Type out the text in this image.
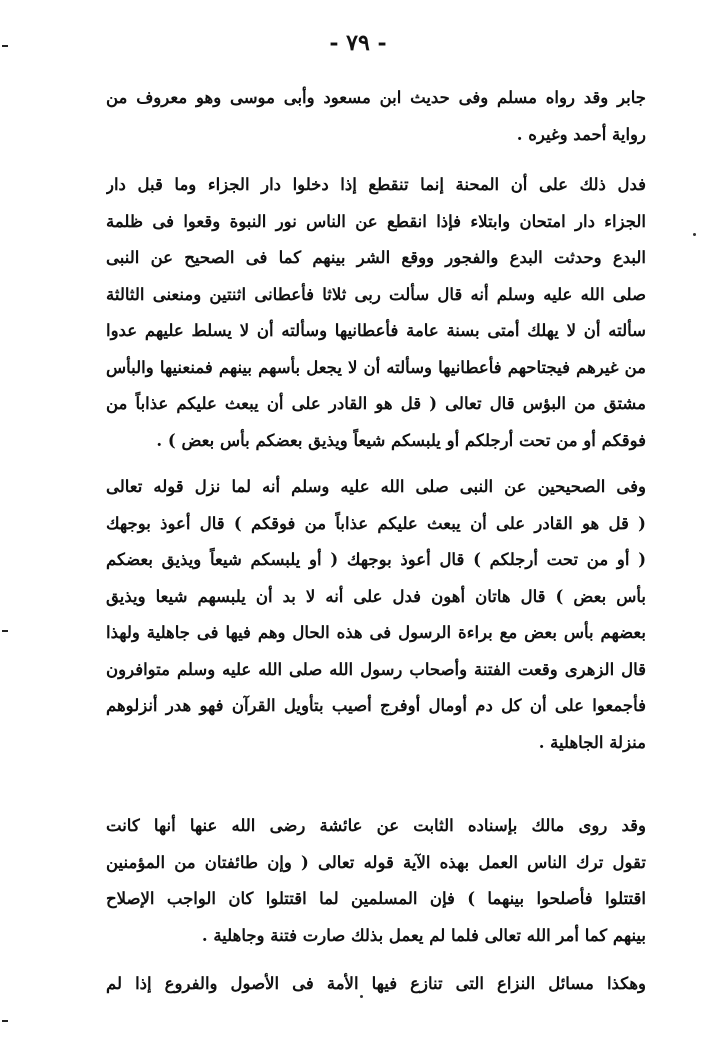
- ٧٩ -
جابر وقد رواه مسلم وفى حديث ابن مسعود وأبى موسى وهو معروف من
رواية أحمد وغيره .
فدل ذلك على أن المحنة إنما تنقطع إذا دخلوا دار الجزاء وما قبل دار
الجزاء دار امتحان وابتلاء فإذا انقطع عن الناس نور النبوة وقعوا فى ظلمة
البدع وحدثت البدع والفجور ووقع الشر بينهم كما فى الصحيح عن النبى
صلى الله عليه وسلم أنه قال سألت ربى ثلاثا فأعطانى اثنتين ومنعنى الثالثة
سألته أن لا يهلك أمتى بسنة عامة فأعطانيها وسألته أن لا يسلط عليهم عدوا
من غيرهم فيجتاحهم فأعطانيها وسألته أن لا يجعل بأسهم بينهم فمنعنيها والبأس
مشتق من البؤس قال تعالى ( قل هو القادر على أن يبعث عليكم عذاباً من
فوقكم أو من تحت أرجلكم أو يلبسكم شيعاً ويذيق بعضكم بأس بعض ) .
وفى الصحيحين عن النبى صلى الله عليه وسلم أنه لما نزل قوله تعالى
( قل هو القادر على أن يبعث عليكم عذاباً من فوقكم ) قال أعوذ بوجهك
( أو من تحت أرجلكم ) قال أعوذ بوجهك ( أو يلبسكم شيعاً ويذيق بعضكم
بأس بعض ) قال هاتان أهون فدل على أنه لا بد أن يلبسهم شيعا ويذيق
بعضهم بأس بعض مع براءة الرسول فى هذه الحال وهم فيها فى جاهلية ولهذا
قال الزهرى وقعت الفتنة وأصحاب رسول الله صلى الله عليه وسلم متوافرون
فأجمعوا على أن كل دم أومال أوفرج أصيب بتأويل القرآن فهو هدر أنزلوهم
منزلة الجاهلية .
وقد روى مالك بإسناده الثابت عن عائشة رضى الله عنها أنها كانت
تقول ترك الناس العمل بهذه الآية قوله تعالى ( وإن طائفتان من المؤمنين
اقتتلوا فأصلحوا بينهما ) فإن المسلمين لما اقتتلوا كان الواجب الإصلاح
بينهم كما أمر الله تعالى فلما لم يعمل بذلك صارت فتنة وجاهلية .
وهكذا مسائل النزاع التى تنازع فيها الأمة فى الأصول والفروع إذا لم
